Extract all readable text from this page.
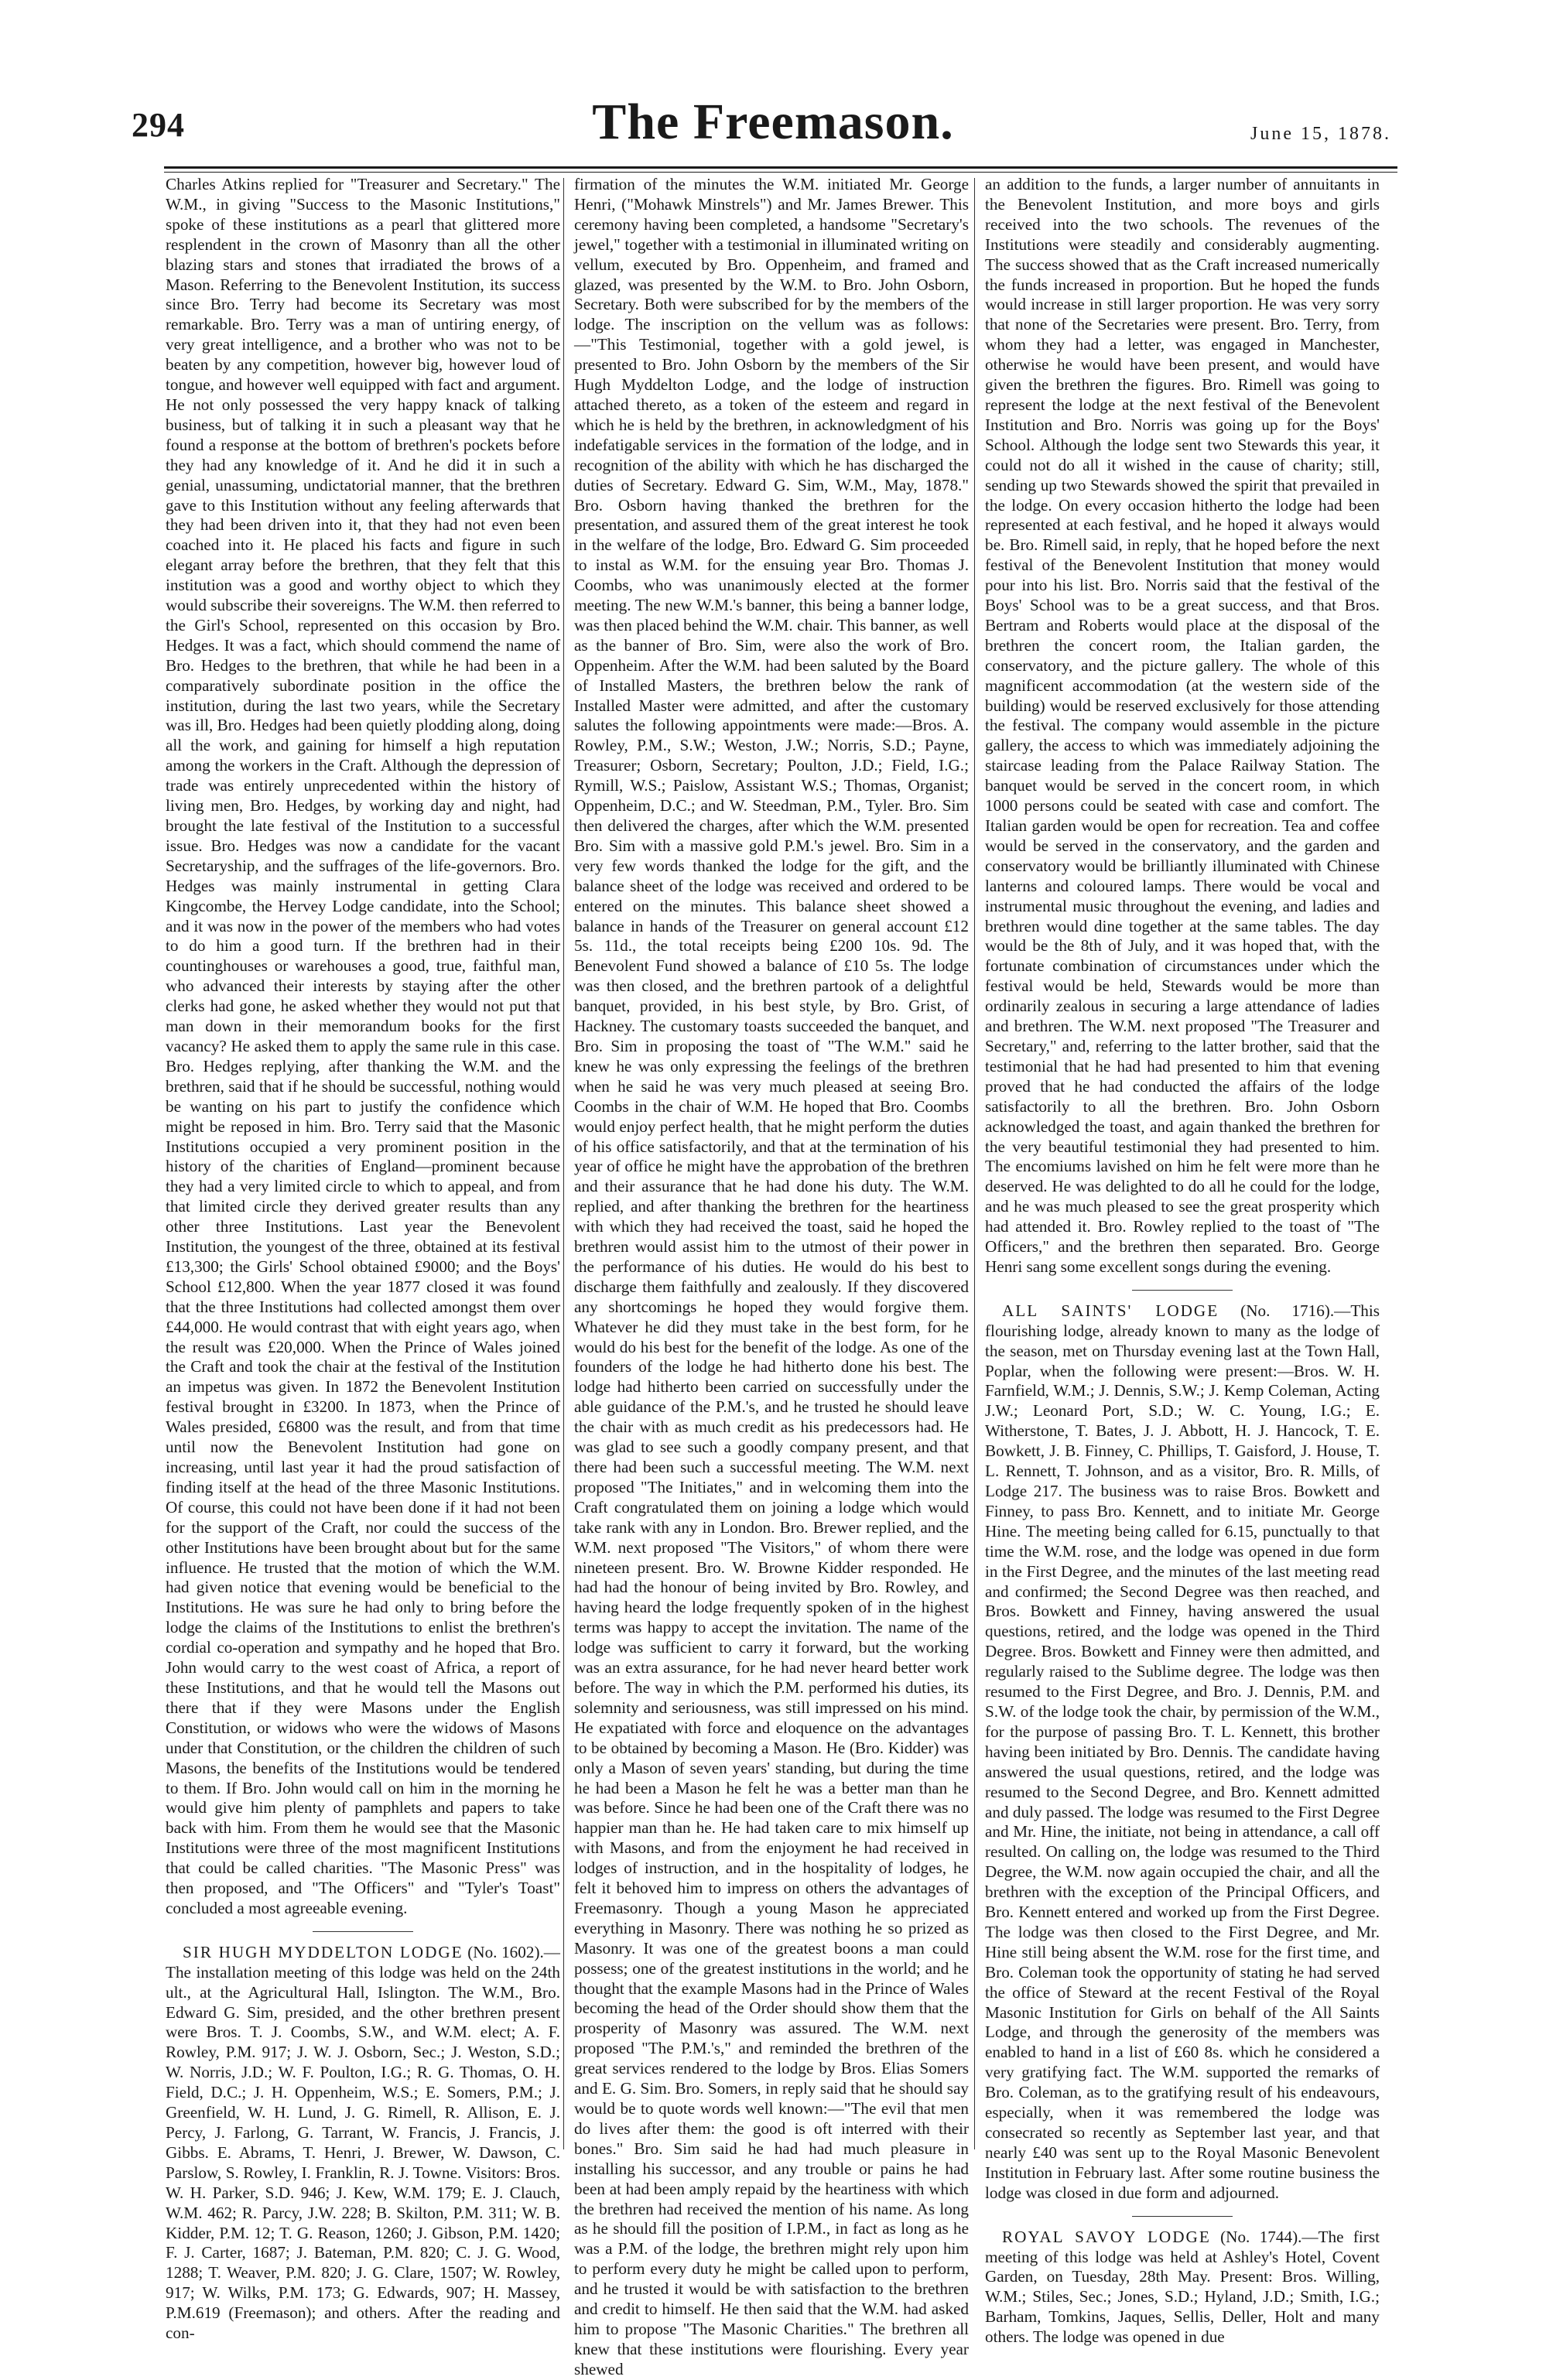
294	The Freemason.	June 15, 1878.

Charles Atkins replied for "Treasurer and Secretary." The W.M., in giving "Success to the Masonic Institutions," spoke of these institutions as a pearl that glittered more resplendent in the crown of Masonry than all the other blazing stars and stones that irradiated the brows of a Mason. Referring to the Benevolent Institution, its success since Bro. Terry had become its Secretary was most remarkable. Bro. Terry was a man of untiring energy, of very great intelligence, and a brother who was not to be beaten by any competition, however big, however loud of tongue, and however well equipped with fact and argument. He not only possessed the very happy knack of talking business, but of talking it in such a pleasant way that he found a response at the bottom of brethren's pockets before they had any knowledge of it. And he did it in such a genial, unassuming, undictatorial manner, that the brethren gave to this Institution without any feeling afterwards that they had been driven into it, that they had not even been coached into it. He placed his facts and figure in such elegant array before the brethren, that they felt that this institution was a good and worthy object to which they would subscribe their sovereigns. The W.M. then referred to the Girl's School, represented on this occasion by Bro. Hedges. It was a fact, which should commend the name of Bro. Hedges to the brethren, that while he had been in a comparatively subordinate position in the office the institution, during the last two years, while the Secretary was ill, Bro. Hedges had been quietly plodding along, doing all the work, and gaining for himself a high reputation among the workers in the Craft. Although the depression of trade was entirely unprecedented within the history of living men, Bro. Hedges, by working day and night, had brought the late festival of the Institution to a successful issue. Bro. Hedges was now a candidate for the vacant Secretaryship, and the suffrages of the life-governors. Bro. Hedges was mainly instrumental in getting Clara Kingcombe, the Hervey Lodge candidate, into the School; and it was now in the power of the members who had votes to do him a good turn. If the brethren had in their countinghouses or warehouses a good, true, faithful man, who advanced their interests by staying after the other clerks had gone, he asked whether they would not put that man down in their memorandum books for the first vacancy? He asked them to apply the same rule in this case. Bro. Hedges replying, after thanking the W.M. and the brethren, said that if he should be successful, nothing would be wanting on his part to justify the confidence which might be reposed in him. Bro. Terry said that the Masonic Institutions occupied a very prominent position in the history of the charities of England—prominent because they had a very limited circle to which to appeal, and from that limited circle they derived greater results than any other three Institutions. Last year the Benevolent Institution, the youngest of the three, obtained at its festival £13,300; the Girls' School obtained £9000; and the Boys' School £12,800. When the year 1877 closed it was found that the three Institutions had collected amongst them over £44,000. He would contrast that with eight years ago, when the result was £20,000. When the Prince of Wales joined the Craft and took the chair at the festival of the Institution an impetus was given. In 1872 the Benevolent Institution festival brought in £3200. In 1873, when the Prince of Wales presided, £6800 was the result, and from that time until now the Benevolent Institution had gone on increasing, until last year it had the proud satisfaction of finding itself at the head of the three Masonic Institutions. Of course, this could not have been done if it had not been for the support of the Craft, nor could the success of the other Institutions have been brought about but for the same influence. He trusted that the motion of which the W.M. had given notice that evening would be beneficial to the Institutions. He was sure he had only to bring before the lodge the claims of the Institutions to enlist the brethren's cordial co-operation and sympathy and he hoped that Bro. John would carry to the west coast of Africa, a report of these Institutions, and that he would tell the Masons out there that if they were Masons under the English Constitution, or widows who were the widows of Masons under that Constitution, or the children the children of such Masons, the benefits of the Institutions would be tendered to them. If Bro. John would call on him in the morning he would give him plenty of pamphlets and papers to take back with him. From them he would see that the Masonic Institutions were three of the most magnificent Institutions that could be called charities. "The Masonic Press" was then proposed, and "The Officers" and "Tyler's Toast" concluded a most agreeable evening.

SIR HUGH MYDDELTON LODGE (No. 1602).—The installation meeting of this lodge was held on the 24th ult., at the Agricultural Hall, Islington. The W.M., Bro. Edward G. Sim, presided, and the other brethren present were Bros. T. J. Coombs, S.W., and W.M. elect; A. F. Rowley, P.M. 917; J. W. J. Osborn, Sec.; J. Weston, S.D.; W. Norris, J.D.; W. F. Poulton, I.G.; R. G. Thomas, O. H. Field, D.C.; J. H. Oppenheim, W.S.; E. Somers, P.M.; J. Greenfield, W. H. Lund, J. G. Rimell, R. Allison, E. J. Percy, J. Farlong, G. Tarrant, W. Francis, J. Francis, J. Gibbs. E. Abrams, T. Henri, J. Brewer, W. Dawson, C. Parslow, S. Rowley, I. Franklin, R. J. Towne. Visitors: Bros. W. H. Parker, S.D. 946; J. Kew, W.M. 179; E. J. Clauch, W.M. 462; R. Parcy, J.W. 228; B. Skilton, P.M. 311; W. B. Kidder, P.M. 12; T. G. Reason, 1260; J. Gibson, P.M. 1420; F. J. Carter, 1687; J. Bateman, P.M. 820; C. J. G. Wood, 1288; T. Weaver, P.M. 820; J. G. Clare, 1507; W. Rowley, 917; W. Wilks, P.M. 173; G. Edwards, 907; H. Massey, P.M.619 (Freemason); and others. After the reading and con-

firmation of the minutes the W.M. initiated Mr. George Henri, ("Mohawk Minstrels") and Mr. James Brewer. This ceremony having been completed, a handsome "Secretary's jewel," together with a testimonial in illuminated writing on vellum, executed by Bro. Oppenheim, and framed and glazed, was presented by the W.M. to Bro. John Osborn, Secretary. Both were subscribed for by the members of the lodge. The inscription on the vellum was as follows:—"This Testimonial, together with a gold jewel, is presented to Bro. John Osborn by the members of the Sir Hugh Myddelton Lodge, and the lodge of instruction attached thereto, as a token of the esteem and regard in which he is held by the brethren, in acknowledgment of his indefatigable services in the formation of the lodge, and in recognition of the ability with which he has discharged the duties of Secretary. Edward G. Sim, W.M., May, 1878." Bro. Osborn having thanked the brethren for the presentation, and assured them of the great interest he took in the welfare of the lodge, Bro. Edward G. Sim proceeded to instal as W.M. for the ensuing year Bro. Thomas J. Coombs, who was unanimously elected at the former meeting. The new W.M.'s banner, this being a banner lodge, was then placed behind the W.M. chair. This banner, as well as the banner of Bro. Sim, were also the work of Bro. Oppenheim. After the W.M. had been saluted by the Board of Installed Masters, the brethren below the rank of Installed Master were admitted, and after the customary salutes the following appointments were made:—Bros. A. Rowley, P.M., S.W.; Weston, J.W.; Norris, S.D.; Payne, Treasurer; Osborn, Secretary; Poulton, J.D.; Field, I.G.; Rymill, W.S.; Paislow, Assistant W.S.; Thomas, Organist; Oppenheim, D.C.; and W. Steedman, P.M., Tyler. Bro. Sim then delivered the charges, after which the W.M. presented Bro. Sim with a massive gold P.M.'s jewel. Bro. Sim in a very few words thanked the lodge for the gift, and the balance sheet of the lodge was received and ordered to be entered on the minutes. This balance sheet showed a balance in hands of the Treasurer on general account £12 5s. 11d., the total receipts being £200 10s. 9d. The Benevolent Fund showed a balance of £10 5s. The lodge was then closed, and the brethren partook of a delightful banquet, provided, in his best style, by Bro. Grist, of Hackney. The customary toasts succeeded the banquet, and Bro. Sim in proposing the toast of "The W.M." said he knew he was only expressing the feelings of the brethren when he said he was very much pleased at seeing Bro. Coombs in the chair of W.M. He hoped that Bro. Coombs would enjoy perfect health, that he might perform the duties of his office satisfactorily, and that at the termination of his year of office he might have the approbation of the brethren and their assurance that he had done his duty. The W.M. replied, and after thanking the brethren for the heartiness with which they had received the toast, said he hoped the brethren would assist him to the utmost of their power in the performance of his duties. He would do his best to discharge them faithfully and zealously. If they discovered any shortcomings he hoped they would forgive them. Whatever he did they must take in the best form, for he would do his best for the benefit of the lodge. As one of the founders of the lodge he had hitherto done his best. The lodge had hitherto been carried on successfully under the able guidance of the P.M.'s, and he trusted he should leave the chair with as much credit as his predecessors had. He was glad to see such a goodly company present, and that there had been such a successful meeting. The W.M. next proposed "The Initiates," and in welcoming them into the Craft congratulated them on joining a lodge which would take rank with any in London. Bro. Brewer replied, and the W.M. next proposed "The Visitors," of whom there were nineteen present. Bro. W. Browne Kidder responded. He had had the honour of being invited by Bro. Rowley, and having heard the lodge frequently spoken of in the highest terms was happy to accept the invitation. The name of the lodge was sufficient to carry it forward, but the working was an extra assurance, for he had never heard better work before. The way in which the P.M. performed his duties, its solemnity and seriousness, was still impressed on his mind. He expatiated with force and eloquence on the advantages to be obtained by becoming a Mason. He (Bro. Kidder) was only a Mason of seven years' standing, but during the time he had been a Mason he felt he was a better man than he was before. Since he had been one of the Craft there was no happier man than he. He had taken care to mix himself up with Masons, and from the enjoyment he had received in lodges of instruction, and in the hospitality of lodges, he felt it behoved him to impress on others the advantages of Freemasonry. Though a young Mason he appreciated everything in Masonry. There was nothing he so prized as Masonry. It was one of the greatest boons a man could possess; one of the greatest institutions in the world; and he thought that the example Masons had in the Prince of Wales becoming the head of the Order should show them that the prosperity of Masonry was assured. The W.M. next proposed "The P.M.'s," and reminded the brethren of the great services rendered to the lodge by Bros. Elias Somers and E. G. Sim. Bro. Somers, in reply said that he should say would be to quote words well known:—"The evil that men do lives after them: the good is oft interred with their bones." Bro. Sim said he had had much pleasure in installing his successor, and any trouble or pains he had been at had been amply repaid by the heartiness with which the brethren had received the mention of his name. As long as he should fill the position of I.P.M., in fact as long as he was a P.M. of the lodge, the brethren might rely upon him to perform every duty he might be called upon to perform, and he trusted it would be with satisfaction to the brethren and credit to himself. He then said that the W.M. had asked him to propose "The Masonic Charities." The brethren all knew that these institutions were flourishing. Every year shewed

an addition to the funds, a larger number of annuitants in the Benevolent Institution, and more boys and girls received into the two schools. The revenues of the Institutions were steadily and considerably augmenting. The success showed that as the Craft increased numerically the funds increased in proportion. But he hoped the funds would increase in still larger proportion. He was very sorry that none of the Secretaries were present. Bro. Terry, from whom they had a letter, was engaged in Manchester, otherwise he would have been present, and would have given the brethren the figures. Bro. Rimell was going to represent the lodge at the next festival of the Benevolent Institution and Bro. Norris was going up for the Boys' School. Although the lodge sent two Stewards this year, it could not do all it wished in the cause of charity; still, sending up two Stewards showed the spirit that prevailed in the lodge. On every occasion hitherto the lodge had been represented at each festival, and he hoped it always would be. Bro. Rimell said, in reply, that he hoped before the next festival of the Benevolent Institution that money would pour into his list. Bro. Norris said that the festival of the Boys' School was to be a great success, and that Bros. Bertram and Roberts would place at the disposal of the brethren the concert room, the Italian garden, the conservatory, and the picture gallery. The whole of this magnificent accommodation (at the western side of the building) would be reserved exclusively for those attending the festival. The company would assemble in the picture gallery, the access to which was immediately adjoining the staircase leading from the Palace Railway Station. The banquet would be served in the concert room, in which 1000 persons could be seated with case and comfort. The Italian garden would be open for recreation. Tea and coffee would be served in the conservatory, and the garden and conservatory would be brilliantly illuminated with Chinese lanterns and coloured lamps. There would be vocal and instrumental music throughout the evening, and ladies and brethren would dine together at the same tables. The day would be the 8th of July, and it was hoped that, with the fortunate combination of circumstances under which the festival would be held, Stewards would be more than ordinarily zealous in securing a large attendance of ladies and brethren. The W.M. next proposed "The Treasurer and Secretary," and, referring to the latter brother, said that the testimonial that he had had presented to him that evening proved that he had conducted the affairs of the lodge satisfactorily to all the brethren. Bro. John Osborn acknowledged the toast, and again thanked the brethren for the very beautiful testimonial they had presented to him. The encomiums lavished on him he felt were more than he deserved. He was delighted to do all he could for the lodge, and he was much pleased to see the great prosperity which had attended it. Bro. Rowley replied to the toast of "The Officers," and the brethren then separated. Bro. George Henri sang some excellent songs during the evening.

ALL SAINTS' LODGE (No. 1716).—This flourishing lodge, already known to many as the lodge of the season, met on Thursday evening last at the Town Hall, Poplar, when the following were present:—Bros. W. H. Farnfield, W.M.; J. Dennis, S.W.; J. Kemp Coleman, Acting J.W.; Leonard Port, S.D.; W. C. Young, I.G.; E. Witherstone, T. Bates, J. J. Abbott, H. J. Hancock, T. E. Bowkett, J. B. Finney, C. Phillips, T. Gaisford, J. House, T. L. Rennett, T. Johnson, and as a visitor, Bro. R. Mills, of Lodge 217. The business was to raise Bros. Bowkett and Finney, to pass Bro. Kennett, and to initiate Mr. George Hine. The meeting being called for 6.15, punctually to that time the W.M. rose, and the lodge was opened in due form in the First Degree, and the minutes of the last meeting read and confirmed; the Second Degree was then reached, and Bros. Bowkett and Finney, having answered the usual questions, retired, and the lodge was opened in the Third Degree. Bros. Bowkett and Finney were then admitted, and regularly raised to the Sublime degree. The lodge was then resumed to the First Degree, and Bro. J. Dennis, P.M. and S.W. of the lodge took the chair, by permission of the W.M., for the purpose of passing Bro. T. L. Kennett, this brother having been initiated by Bro. Dennis. The candidate having answered the usual questions, retired, and the lodge was resumed to the Second Degree, and Bro. Kennett admitted and duly passed. The lodge was resumed to the First Degree and Mr. Hine, the initiate, not being in attendance, a call off resulted. On calling on, the lodge was resumed to the Third Degree, the W.M. now again occupied the chair, and all the brethren with the exception of the Principal Officers, and Bro. Kennett entered and worked up from the First Degree. The lodge was then closed to the First Degree, and Mr. Hine still being absent the W.M. rose for the first time, and Bro. Coleman took the opportunity of stating he had served the office of Steward at the recent Festival of the Royal Masonic Institution for Girls on behalf of the All Saints Lodge, and through the generosity of the members was enabled to hand in a list of £60 8s. which he considered a very gratifying fact. The W.M. supported the remarks of Bro. Coleman, as to the gratifying result of his endeavours, especially, when it was remembered the lodge was consecrated so recently as September last year, and that nearly £40 was sent up to the Royal Masonic Benevolent Institution in February last. After some routine business the lodge was closed in due form and adjourned.

ROYAL SAVOY LODGE (No. 1744).—The first meeting of this lodge was held at Ashley's Hotel, Covent Garden, on Tuesday, 28th May. Present: Bros. Willing, W.M.; Stiles, Sec.; Jones, S.D.; Hyland, J.D.; Smith, I.G.; Barham, Tomkins, Jaques, Sellis, Deller, Holt and many others. The lodge was opened in due
